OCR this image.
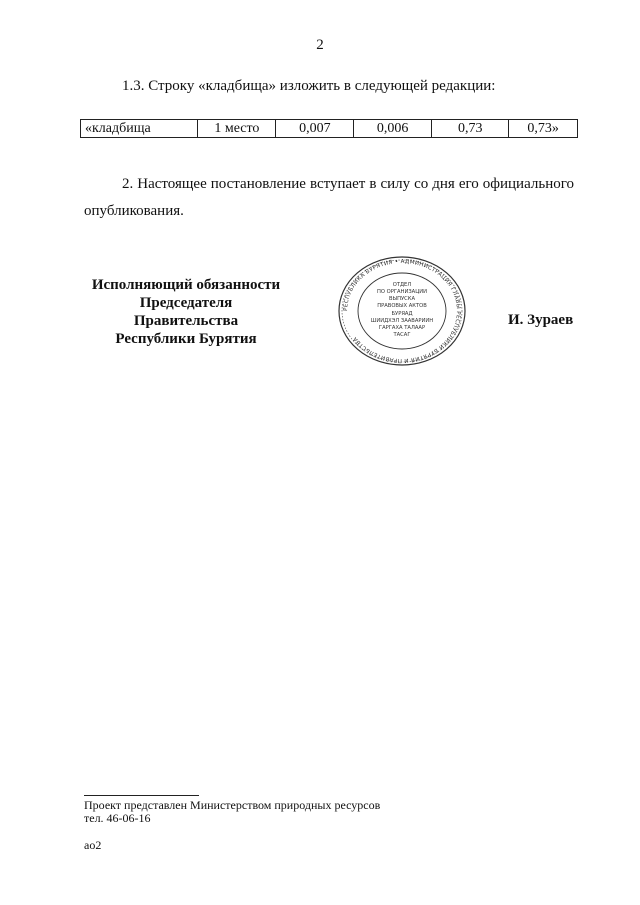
2
1.3. Строку «кладбища» изложить в следующей редакции:
«кладбища	1 место	0,007	0,006	0,73	0,73»
2. Настоящее постановление вступает в силу со дня его официального опубликования.
Исполняющий обязанности
Председателя Правительства
Республики Бурятия
РЕСПУБЛИКА БУРЯТИЯ • АДМИНИСТРАЦИЯ ГЛАВЫ РЕСПУБЛИКИ БУРЯТИЯ И ПРАВИТЕЛЬСТВА
ОТДЕЛ
ПО ОРГАНИЗАЦИИ
ВЫПУСКА
ПРАВОВЫХ АКТОВ
БУРЯАД
ШИИДХЭЛ ЗААВАРИИН
ГАРГАХА ТАЛААР
ТАСАГ
И. Зураев
Проект представлен Министерством природных ресурсов
тел. 46-06-16
ао2
